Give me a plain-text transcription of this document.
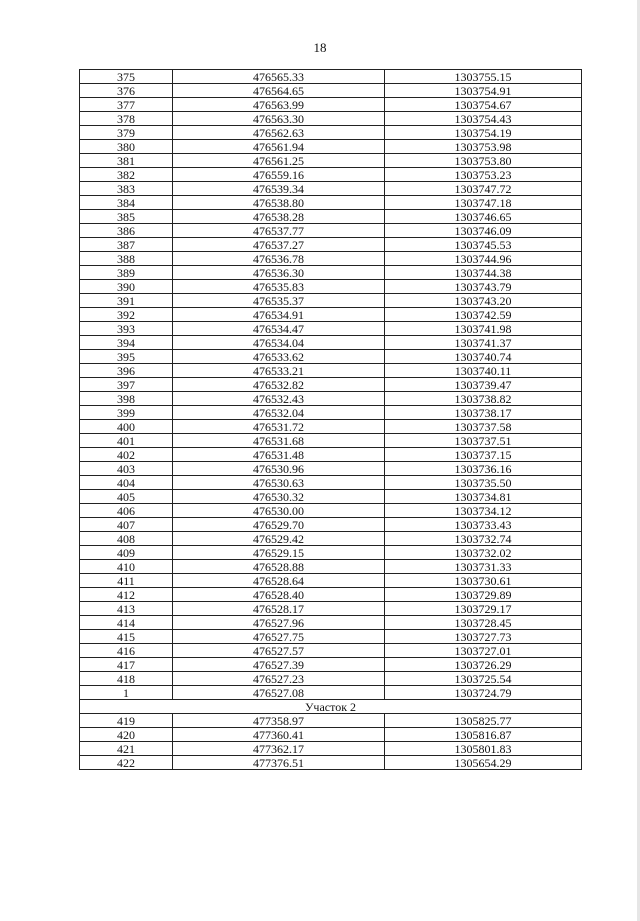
18
375	476565.33	1303755.15
376	476564.65	1303754.91
377	476563.99	1303754.67
378	476563.30	1303754.43
379	476562.63	1303754.19
380	476561.94	1303753.98
381	476561.25	1303753.80
382	476559.16	1303753.23
383	476539.34	1303747.72
384	476538.80	1303747.18
385	476538.28	1303746.65
386	476537.77	1303746.09
387	476537.27	1303745.53
388	476536.78	1303744.96
389	476536.30	1303744.38
390	476535.83	1303743.79
391	476535.37	1303743.20
392	476534.91	1303742.59
393	476534.47	1303741.98
394	476534.04	1303741.37
395	476533.62	1303740.74
396	476533.21	1303740.11
397	476532.82	1303739.47
398	476532.43	1303738.82
399	476532.04	1303738.17
400	476531.72	1303737.58
401	476531.68	1303737.51
402	476531.48	1303737.15
403	476530.96	1303736.16
404	476530.63	1303735.50
405	476530.32	1303734.81
406	476530.00	1303734.12
407	476529.70	1303733.43
408	476529.42	1303732.74
409	476529.15	1303732.02
410	476528.88	1303731.33
411	476528.64	1303730.61
412	476528.40	1303729.89
413	476528.17	1303729.17
414	476527.96	1303728.45
415	476527.75	1303727.73
416	476527.57	1303727.01
417	476527.39	1303726.29
418	476527.23	1303725.54
1	476527.08	1303724.79
Участок 2		
419	477358.97	1305825.77
420	477360.41	1305816.87
421	477362.17	1305801.83
422	477376.51	1305654.29
